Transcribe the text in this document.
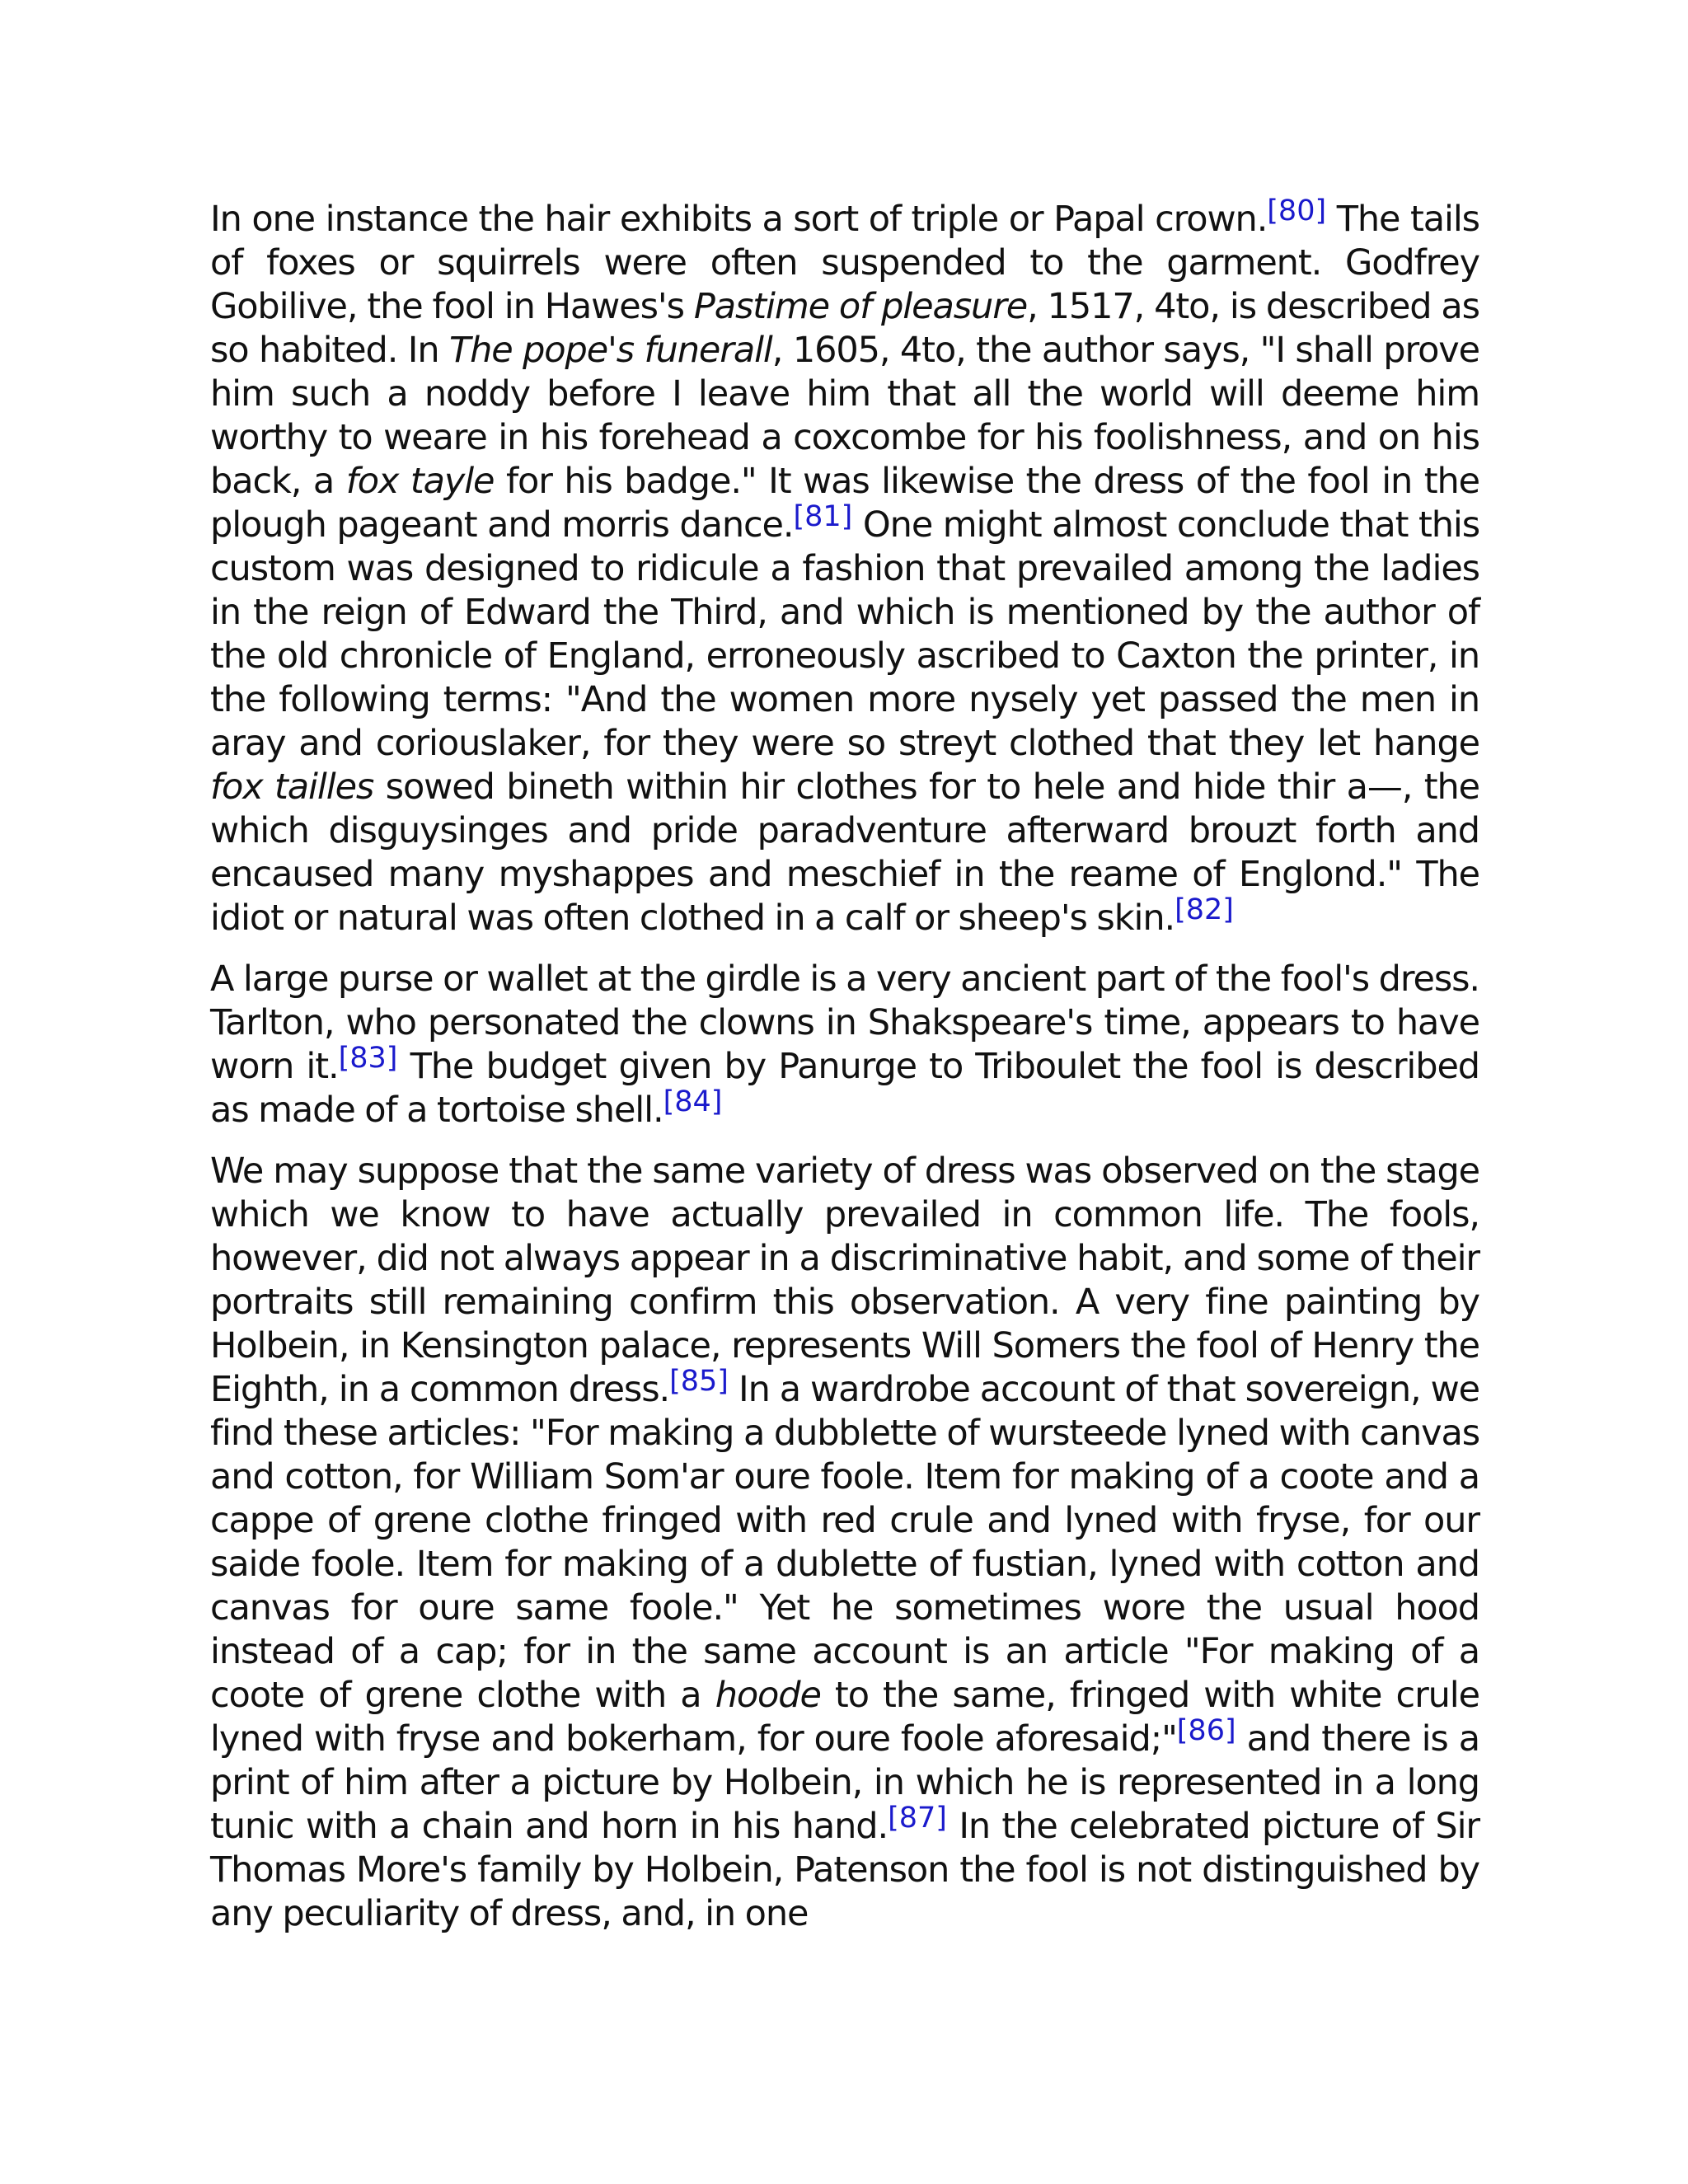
In one instance the hair exhibits a sort of triple or Papal crown.[80] The tails of foxes or squirrels were often suspended to the garment. Godfrey Gobilive, the fool in Hawes's Pastime of pleasure, 1517, 4to, is described as so habited. In The pope's funerall, 1605, 4to, the author says, "I shall prove him such a noddy before I leave him that all the world will deeme him worthy to weare in his forehead a coxcombe for his foolishness, and on his back, a fox tayle for his badge." It was likewise the dress of the fool in the plough pageant and morris dance.[81] One might almost conclude that this custom was designed to ridicule a fashion that prevailed among the ladies in the reign of Edward the Third, and which is mentioned by the author of the old chronicle of England, erroneously ascribed to Caxton the printer, in the following terms: "And the women more nysely yet passed the men in aray and coriouslaker, for they were so streyt clothed that they let hange fox tailles sowed bineth within hir clothes for to hele and hide thir a—, the which disguysinges and pride paradventure afterward brouzt forth and encaused many myshappes and meschief in the reame of Englond." The idiot or natural was often clothed in a calf or sheep's skin.[82]

A large purse or wallet at the girdle is a very ancient part of the fool's dress. Tarlton, who personated the clowns in Shakspeare's time, appears to have worn it.[83] The budget given by Panurge to Triboulet the fool is described as made of a tortoise shell.[84]

We may suppose that the same variety of dress was observed on the stage which we know to have actually prevailed in common life. The fools, however, did not always appear in a discriminative habit, and some of their portraits still remaining confirm this observation. A very fine painting by Holbein, in Kensington palace, represents Will Somers the fool of Henry the Eighth, in a common dress.[85] In a wardrobe account of that sovereign, we find these articles: "For making a dubblette of wursteede lyned with canvas and cotton, for William Som'ar oure foole. Item for making of a coote and a cappe of grene clothe fringed with red crule and lyned with fryse, for our saide foole. Item for making of a dublette of fustian, lyned with cotton and canvas for oure same foole." Yet he sometimes wore the usual hood instead of a cap; for in the same account is an article "For making of a coote of grene clothe with a hoode to the same, fringed with white crule lyned with fryse and bokerham, for oure foole aforesaid;"[86] and there is a print of him after a picture by Holbein, in which he is represented in a long tunic with a chain and horn in his hand.[87] In the celebrated picture of Sir Thomas More's family by Holbein, Patenson the fool is not distinguished by any peculiarity of dress, and, in one
